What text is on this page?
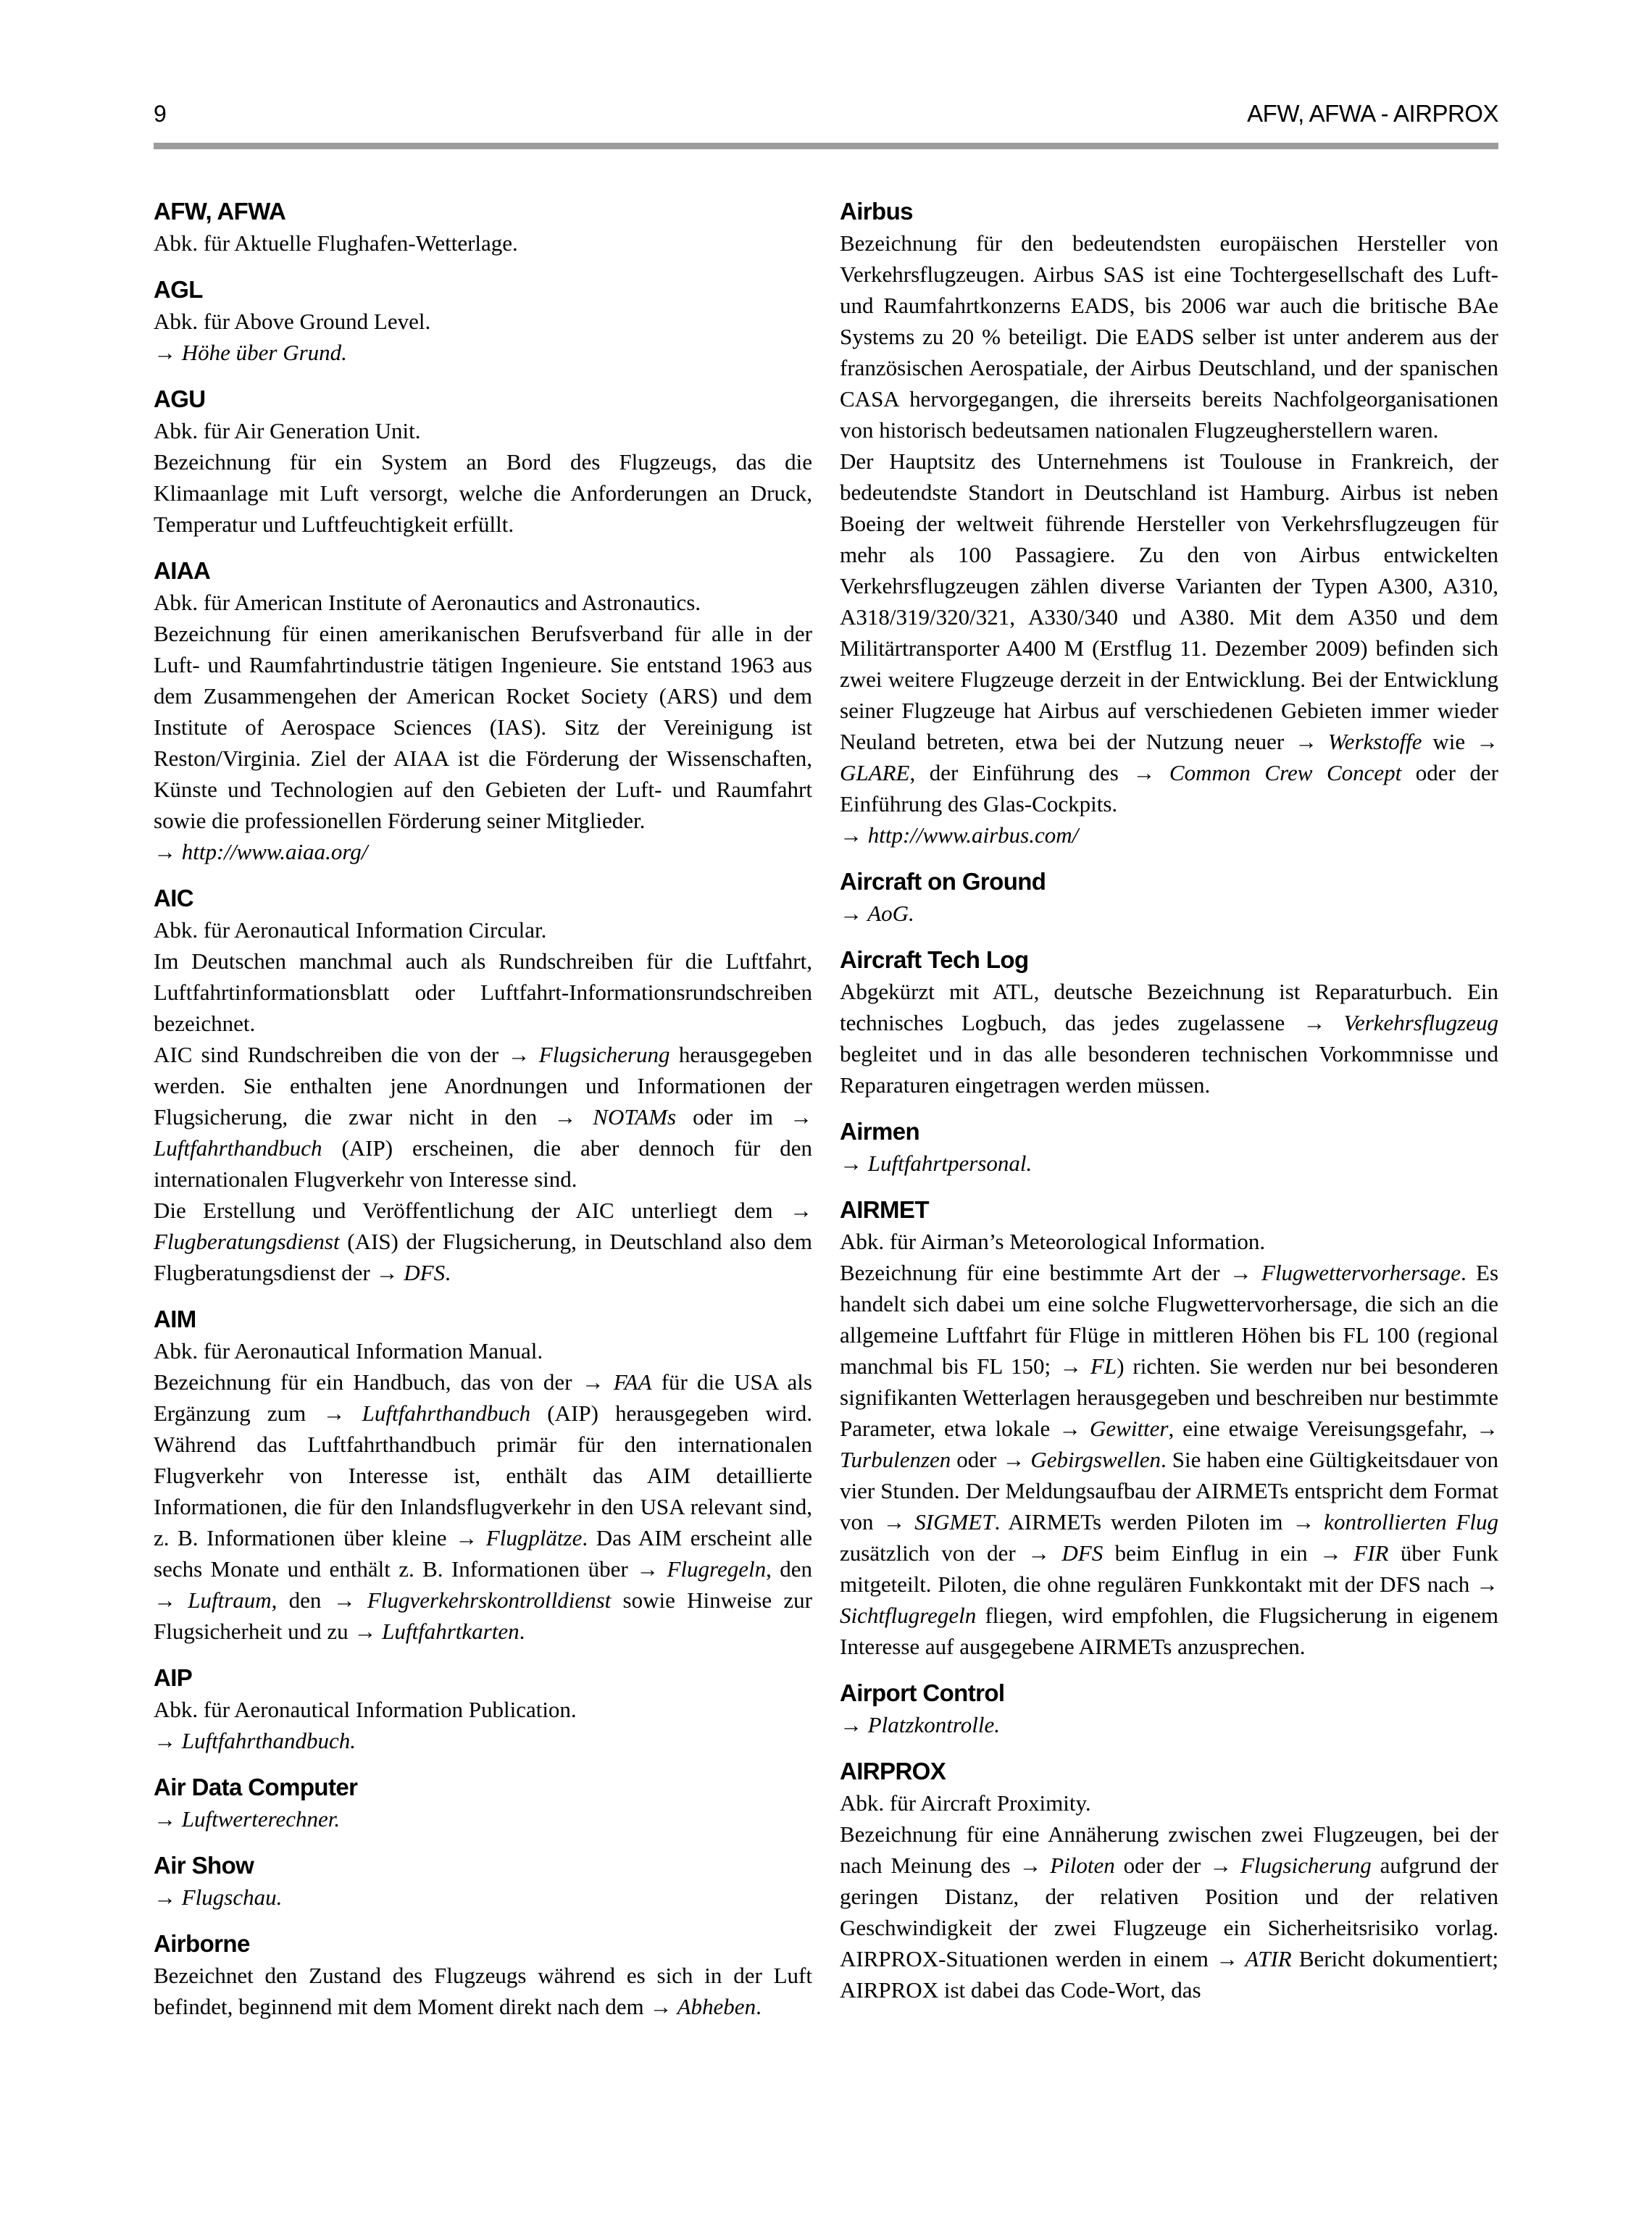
9	AFW, AFWA - AIRPROX
AFW, AFWA

Abk. für Aktuelle Flughafen-Wetterlage.

AGL

Abk. für Above Ground Level.

→ Höhe über Grund.

AGU

Abk. für Air Generation Unit.

Bezeichnung für ein System an Bord des Flugzeugs, das die Klimaanlage mit Luft versorgt, welche die Anforderungen an Druck, Temperatur und Luftfeuchtigkeit erfüllt.

AIAA

Abk. für American Institute of Aeronautics and Astronautics.

Bezeichnung für einen amerikanischen Berufsverband für alle in der Luft- und Raumfahrtindustrie tätigen Ingenieure. Sie entstand 1963 aus dem Zusammengehen der American Rocket Society (ARS) und dem Institute of Aerospace Sciences (IAS). Sitz der Vereinigung ist Reston/Virginia. Ziel der AIAA ist die Förderung der Wissenschaften, Künste und Technologien auf den Gebieten der Luft- und Raumfahrt sowie die professionellen Förderung seiner Mitglieder.

→ http://www.aiaa.org/

AIC

Abk. für Aeronautical Information Circular.

Im Deutschen manchmal auch als Rundschreiben für die Luftfahrt, Luftfahrtinformationsblatt oder Luftfahrt-Informationsrundschreiben bezeichnet.

AIC sind Rundschreiben die von der → Flugsicherung herausgegeben werden. Sie enthalten jene Anordnungen und Informationen der Flugsicherung, die zwar nicht in den → NOTAMs oder im → Luftfahrthandbuch (AIP) erscheinen, die aber dennoch für den internationalen Flugverkehr von Interesse sind.

Die Erstellung und Veröffentlichung der AIC unterliegt dem → Flugberatungsdienst (AIS) der Flugsicherung, in Deutschland also dem Flugberatungsdienst der → DFS.

AIM

Abk. für Aeronautical Information Manual.

Bezeichnung für ein Handbuch, das von der → FAA für die USA als Ergänzung zum → Luftfahrthandbuch (AIP) herausgegeben wird. Während das Luftfahrthandbuch primär für den internationalen Flugverkehr von Interesse ist, enthält das AIM detaillierte Informationen, die für den Inlandsflugverkehr in den USA relevant sind, z. B. Informationen über kleine → Flugplätze. Das AIM erscheint alle sechs Monate und enthält z. B. Informationen über → Flugregeln, den → Luftraum, den → Flugverkehrskontrolldienst sowie Hinweise zur Flugsicherheit und zu → Luftfahrtkarten.

AIP

Abk. für Aeronautical Information Publication.

→ Luftfahrthandbuch.

Air Data Computer

→ Luftwerterechner.

Air Show

→ Flugschau.

Airborne

Bezeichnet den Zustand des Flugzeugs während es sich in der Luft befindet, beginnend mit dem Moment direkt nach dem → Abheben.

Airbus

Bezeichnung für den bedeutendsten europäischen Hersteller von Verkehrsflugzeugen. Airbus SAS ist eine Tochtergesellschaft des Luft- und Raumfahrtkonzerns EADS, bis 2006 war auch die britische BAe Systems zu 20 % beteiligt. Die EADS selber ist unter anderem aus der französischen Aerospatiale, der Airbus Deutschland, und der spanischen CASA hervorgegangen, die ihrerseits bereits Nachfolgeorganisationen von historisch bedeutsamen nationalen Flugzeugherstellern waren.

Der Hauptsitz des Unternehmens ist Toulouse in Frankreich, der bedeutendste Standort in Deutschland ist Hamburg. Airbus ist neben Boeing der weltweit führende Hersteller von Verkehrsflugzeugen für mehr als 100 Passagiere. Zu den von Airbus entwickelten Verkehrsflugzeugen zählen diverse Varianten der Typen A300, A310, A318/319/320/321, A330/340 und A380. Mit dem A350 und dem Militärtransporter A400 M (Erstflug 11. Dezember 2009) befinden sich zwei weitere Flugzeuge derzeit in der Entwicklung. Bei der Entwicklung seiner Flugzeuge hat Airbus auf verschiedenen Gebieten immer wieder Neuland betreten, etwa bei der Nutzung neuer → Werkstoffe wie → GLARE, der Einführung des → Common Crew Concept oder der Einführung des Glas-Cockpits.

→ http://www.airbus.com/

Aircraft on Ground

→ AoG.

Aircraft Tech Log

Abgekürzt mit ATL, deutsche Bezeichnung ist Reparaturbuch. Ein technisches Logbuch, das jedes zugelassene → Verkehrsflugzeug begleitet und in das alle besonderen technischen Vorkommnisse und Reparaturen eingetragen werden müssen.

Airmen

→ Luftfahrtpersonal.

AIRMET

Abk. für Airman’s Meteorological Information.

Bezeichnung für eine bestimmte Art der → Flugwettervorhersage. Es handelt sich dabei um eine solche Flugwettervorhersage, die sich an die allgemeine Luftfahrt für Flüge in mittleren Höhen bis FL 100 (regional manchmal bis FL 150; → FL) richten. Sie werden nur bei besonderen signifikanten Wetterlagen herausgegeben und beschreiben nur bestimmte Parameter, etwa lokale → Gewitter, eine etwaige Vereisungsgefahr, → Turbulenzen oder → Gebirgswellen. Sie haben eine Gültigkeitsdauer von vier Stunden. Der Meldungsaufbau der AIRMETs entspricht dem Format von → SIGMET. AIRMETs werden Piloten im → kontrollierten Flug zusätzlich von der → DFS beim Einflug in ein → FIR über Funk mitgeteilt. Piloten, die ohne regulären Funkkontakt mit der DFS nach → Sichtflugregeln fliegen, wird empfohlen, die Flugsicherung in eigenem Interesse auf ausgegebene AIRMETs anzusprechen.

Airport Control

→ Platzkontrolle.

AIRPROX

Abk. für Aircraft Proximity.

Bezeichnung für eine Annäherung zwischen zwei Flugzeugen, bei der nach Meinung des → Piloten oder der → Flugsicherung aufgrund der geringen Distanz, der relativen Position und der relativen Geschwindigkeit der zwei Flugzeuge ein Sicherheitsrisiko vorlag. AIRPROX-Situationen werden in einem → ATIR Bericht dokumentiert; AIRPROX ist dabei das Code-Wort, das
